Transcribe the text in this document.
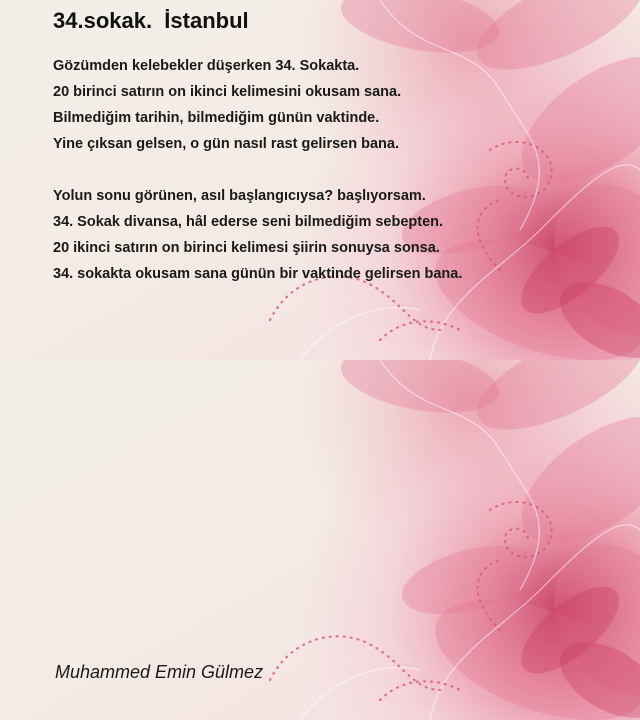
34.sokak.  İstanbul
Gözümden kelebekler düşerken 34. Sokakta.
20 birinci satırın on ikinci kelimesini okusam sana.
Bilmediğim tarihin, bilmediğim günün vaktinde.
Yine çıksan gelsen, o gün nasıl rast gelirsen bana.
Yolun sonu görünen, asıl başlangıcıysa? başlıyorsam.
34. Sokak divansa, hâl ederse seni bilmediğim sebepten.
20 ikinci satırın on birinci kelimesi şiirin sonuysa sonsa.
34. sokakta okusam sana günün bir vaktinde gelirsen bana.
Muhammed Emin Gülmez
